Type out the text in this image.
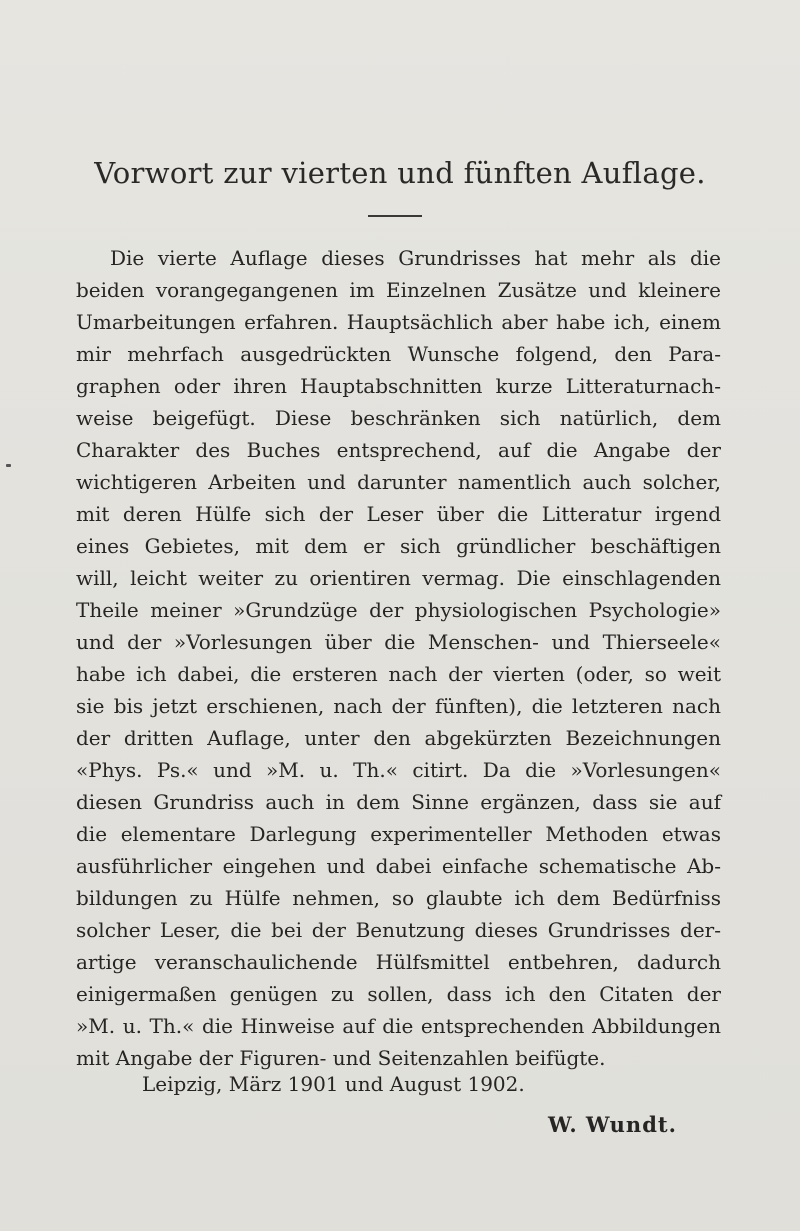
Vorwort zur vierten und fünften Auflage.
Die vierte Auflage dieses Grundrisses hat mehr als die
beiden vorangegangenen im Einzelnen Zusätze und kleinere
Umarbeitungen erfahren. Hauptsächlich aber habe ich, einem
mir mehrfach ausgedrückten Wunsche folgend, den Para-
graphen oder ihren Hauptabschnitten kurze Litteraturnach-
weise beigefügt. Diese beschränken sich natürlich, dem
Charakter des Buches entsprechend, auf die Angabe der
wichtigeren Arbeiten und darunter namentlich auch solcher,
mit deren Hülfe sich der Leser über die Litteratur irgend
eines Gebietes, mit dem er sich gründlicher beschäftigen
will, leicht weiter zu orientiren vermag. Die einschlagenden
Theile meiner »Grundzüge der physiologischen Psychologie»
und der »Vorlesungen über die Menschen- und Thierseele«
habe ich dabei, die ersteren nach der vierten (oder, so weit
sie bis jetzt erschienen, nach der fünften), die letzteren nach
der dritten Auflage, unter den abgekürzten Bezeichnungen
«Phys. Ps.« und »M. u. Th.« citirt. Da die »Vorlesungen«
diesen Grundriss auch in dem Sinne ergänzen, dass sie auf
die elementare Darlegung experimenteller Methoden etwas
ausführlicher eingehen und dabei einfache schematische Ab-
bildungen zu Hülfe nehmen, so glaubte ich dem Bedürfniss
solcher Leser, die bei der Benutzung dieses Grundrisses der-
artige veranschaulichende Hülfsmittel entbehren, dadurch
einigermaßen genügen zu sollen, dass ich den Citaten der
»M. u. Th.« die Hinweise auf die entsprechenden Abbildungen
mit Angabe der Figuren- und Seitenzahlen beifügte.
Leipzig, März 1901 und August 1902.
W. Wundt.
